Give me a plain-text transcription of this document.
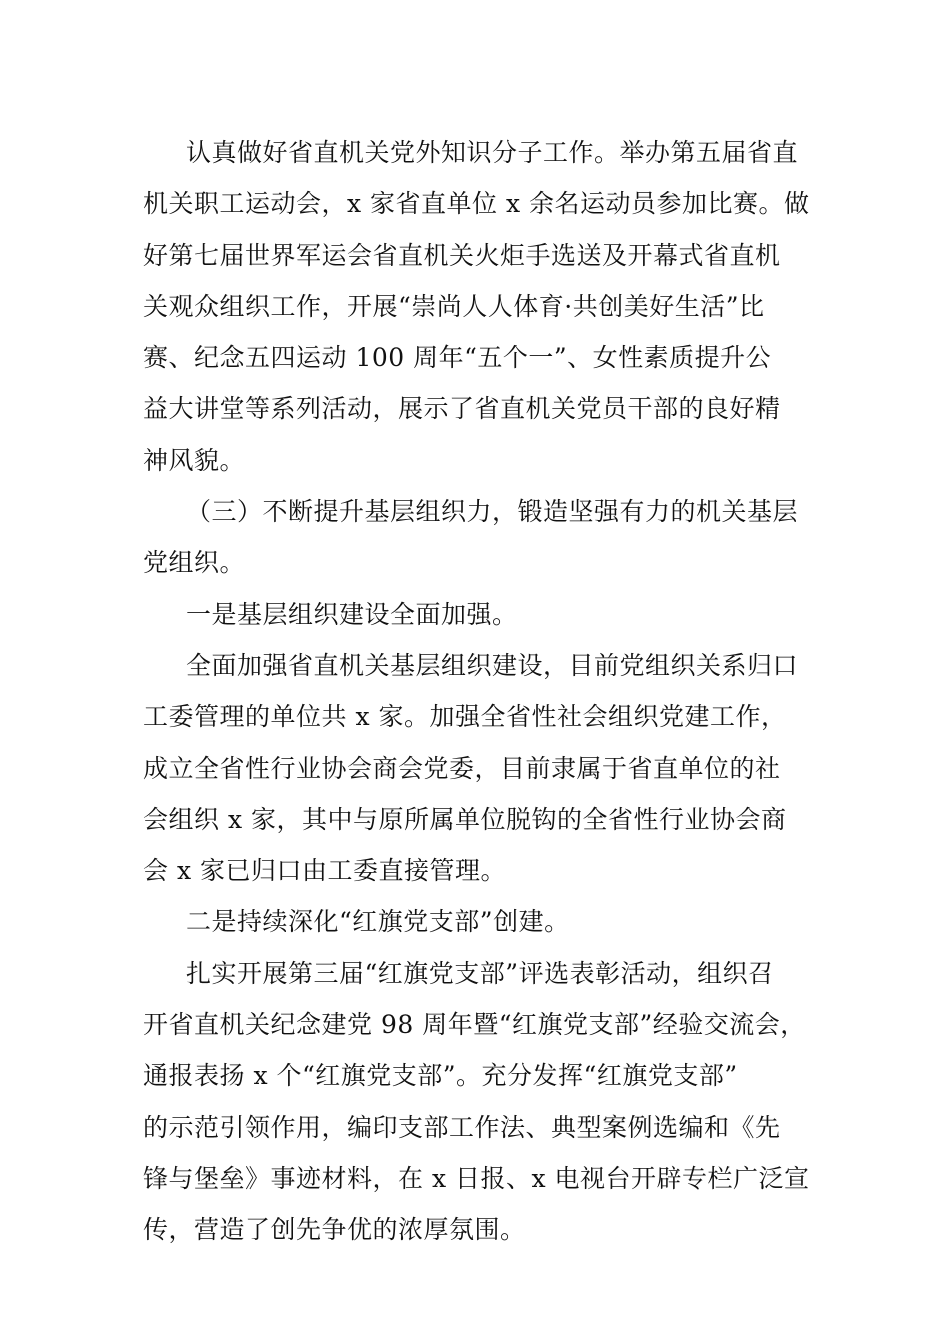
认真做好省直机关党外知识分子工作。举办第五届省直
机关职工运动会，x 家省直单位 x 余名运动员参加比赛。做
好第七届世界军运会省直机关火炬手选送及开幕式省直机
关观众组织工作，开展“崇尚人人体育·共创美好生活”比
赛、纪念五四运动 100 周年“五个一”、女性素质提升公
益大讲堂等系列活动，展示了省直机关党员干部的良好精
神风貌。

（三）不断提升基层组织力，锻造坚强有力的机关基层
党组织。

一是基层组织建设全面加强。

全面加强省直机关基层组织建设，目前党组织关系归口
工委管理的单位共 x 家。加强全省性社会组织党建工作，
成立全省性行业协会商会党委，目前隶属于省直单位的社
会组织 x 家，其中与原所属单位脱钩的全省性行业协会商
会 x 家已归口由工委直接管理。

二是持续深化“红旗党支部”创建。

扎实开展第三届“红旗党支部”评选表彰活动，组织召
开省直机关纪念建党 98 周年暨“红旗党支部”经验交流会，
通报表扬 x 个“红旗党支部”。充分发挥“红旗党支部”
的示范引领作用，编印支部工作法、典型案例选编和《先
锋与堡垒》事迹材料，在 x 日报、x 电视台开辟专栏广泛宣
传，营造了创先争优的浓厚氛围。
